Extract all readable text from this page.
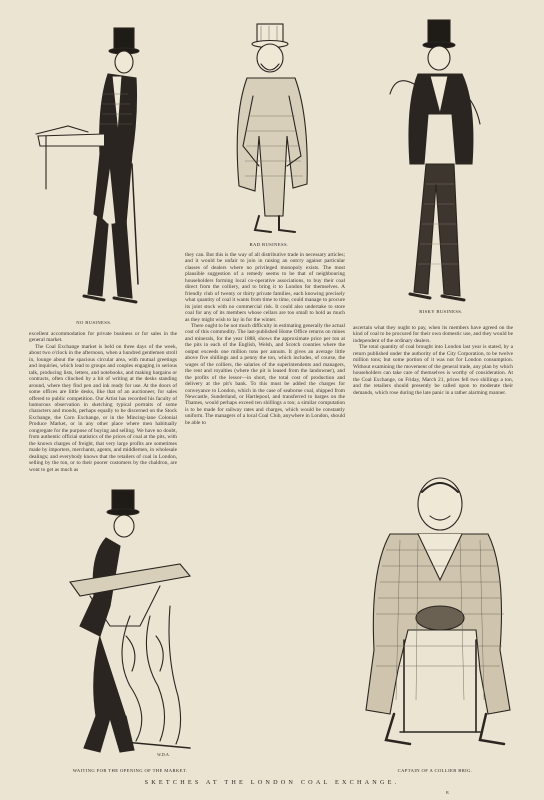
NO BUSINESS.
BAD BUSINESS.
RISKY BUSINESS.

excellent accommodation for private business or for sales in the general market.

The Coal Exchange market is held on three days of the week, about two o'clock in the afternoon, when a hundred gentlemen stroll in, lounge about the spacious circular area, with mutual greetings and inquiries, which lead to groups and couples engaging in serious talk, producing lists, letters, and notebooks, and making bargains or contracts, often clinched by a bit of writing at the desks standing around, where they find pen and ink ready for use. At the doors of some offices are little desks, like that of an auctioneer, for sales offered to public competition. Our Artist has recorded his faculty of humorous observation in sketching typical portraits of some characters and moods, perhaps equally to be discerned on the Stock Exchange, the Corn Exchange, or in the Mincing-lane Colonial Produce Market, or in any other place where men habitually congregate for the purpose of buying and selling. We have no doubt, from authentic official statistics of the prices of coal at the pits, with the known charges of freight, that very large profits are sometimes made by importers, merchants, agents, and middlemen, in wholesale dealings; and everybody knows that the retailers of coal in London, selling by the ton, or to their poorer customers by the chaldron, are wont to get as much as

they can. But this is the way of all distributive trade in necessary articles; and it would be unfair to join in raising an outcry against particular classes of dealers where no privileged monopoly exists. The most plausible suggestion of a remedy seems to be that of neighbouring householders forming local co-operative associations, to buy their coal direct from the colliery, and to bring it to London for themselves. A friendly club of twenty or thirty private families, each knowing precisely what quantity of coal it wants from time to time, could manage to procure its joint stock with no commercial risk. It could also undertake to store coal for any of its members whose cellars are too small to hold as much as they might wish to lay in for the winter.

There ought to be not much difficulty in estimating generally the actual cost of this commodity. The last-published Home Office returns on mines and minerals, for the year 1888, shows the approximate price per ton at the pits in each of the English, Welsh, and Scotch counties where the output exceeds one million tons per annum. It gives an average little above five shillings and a penny the ton, which includes, of course, the wages of the colliers, the salaries of the superintendents and managers, the rent and royalties (where the pit is leased from the landowner), and the profits of the lessor—in short, the total cost of production and delivery at the pit's bank. To this must be added the charges for conveyance to London, which in the case of seaborne coal, shipped from Newcastle, Sunderland, or Hartlepool, and transferred to barges on the Thames, would perhaps exceed ten shillings a ton; a similar computation is to be made for railway rates and charges, which would be constantly uniform. The managers of a local Coal Club, anywhere in London, should be able to

ascertain what they ought to pay, when its members have agreed on the kind of coal to be procured for their own domestic use, and they would be independent of the ordinary dealers.

The total quantity of coal brought into London last year is stated, by a return published under the authority of the City Corporation, to be twelve million tons; but some portion of it was not for London consumption. Without examining the movement of the general trade, any plan by which householders can take care of themselves is worthy of consideration. At the Coal Exchange, on Friday, March 21, prices fell two shillings a ton, and the retailers should presently be called upon to moderate their demands, which rose during the late panic in a rather alarming manner.

W.D.A.
WAITING FOR THE OPENING OF THE MARKET.	CAPTAIN OF A COLLIER BRIG.
SKETCHES AT THE LONDON COAL EXCHANGE.
B
